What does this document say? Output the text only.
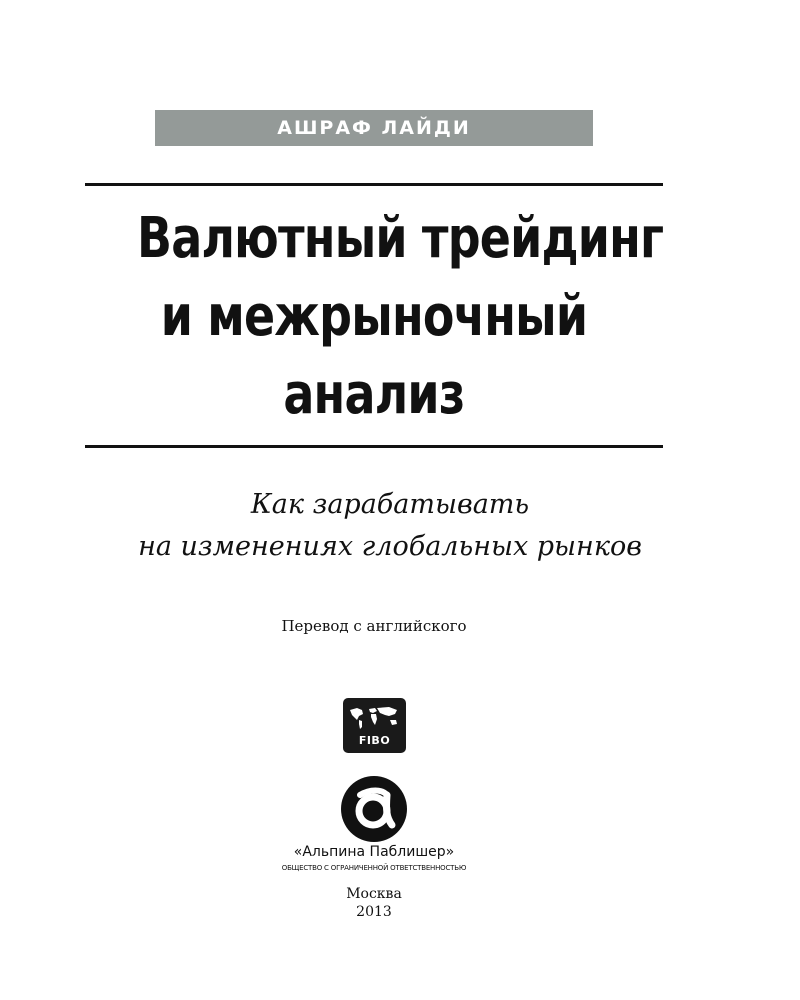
АШРАФ ЛАЙДИ
Валютный трейдинг
и межрыночный
анализ
Как зарабатывать
на изменениях глобальных рынков
Перевод с английского
FIBO
«Альпина Паблишер»
ОБЩЕСТВО С ОГРАНИЧЕННОЙ ОТВЕТСТВЕННОСТЬЮ
Москва
2013
